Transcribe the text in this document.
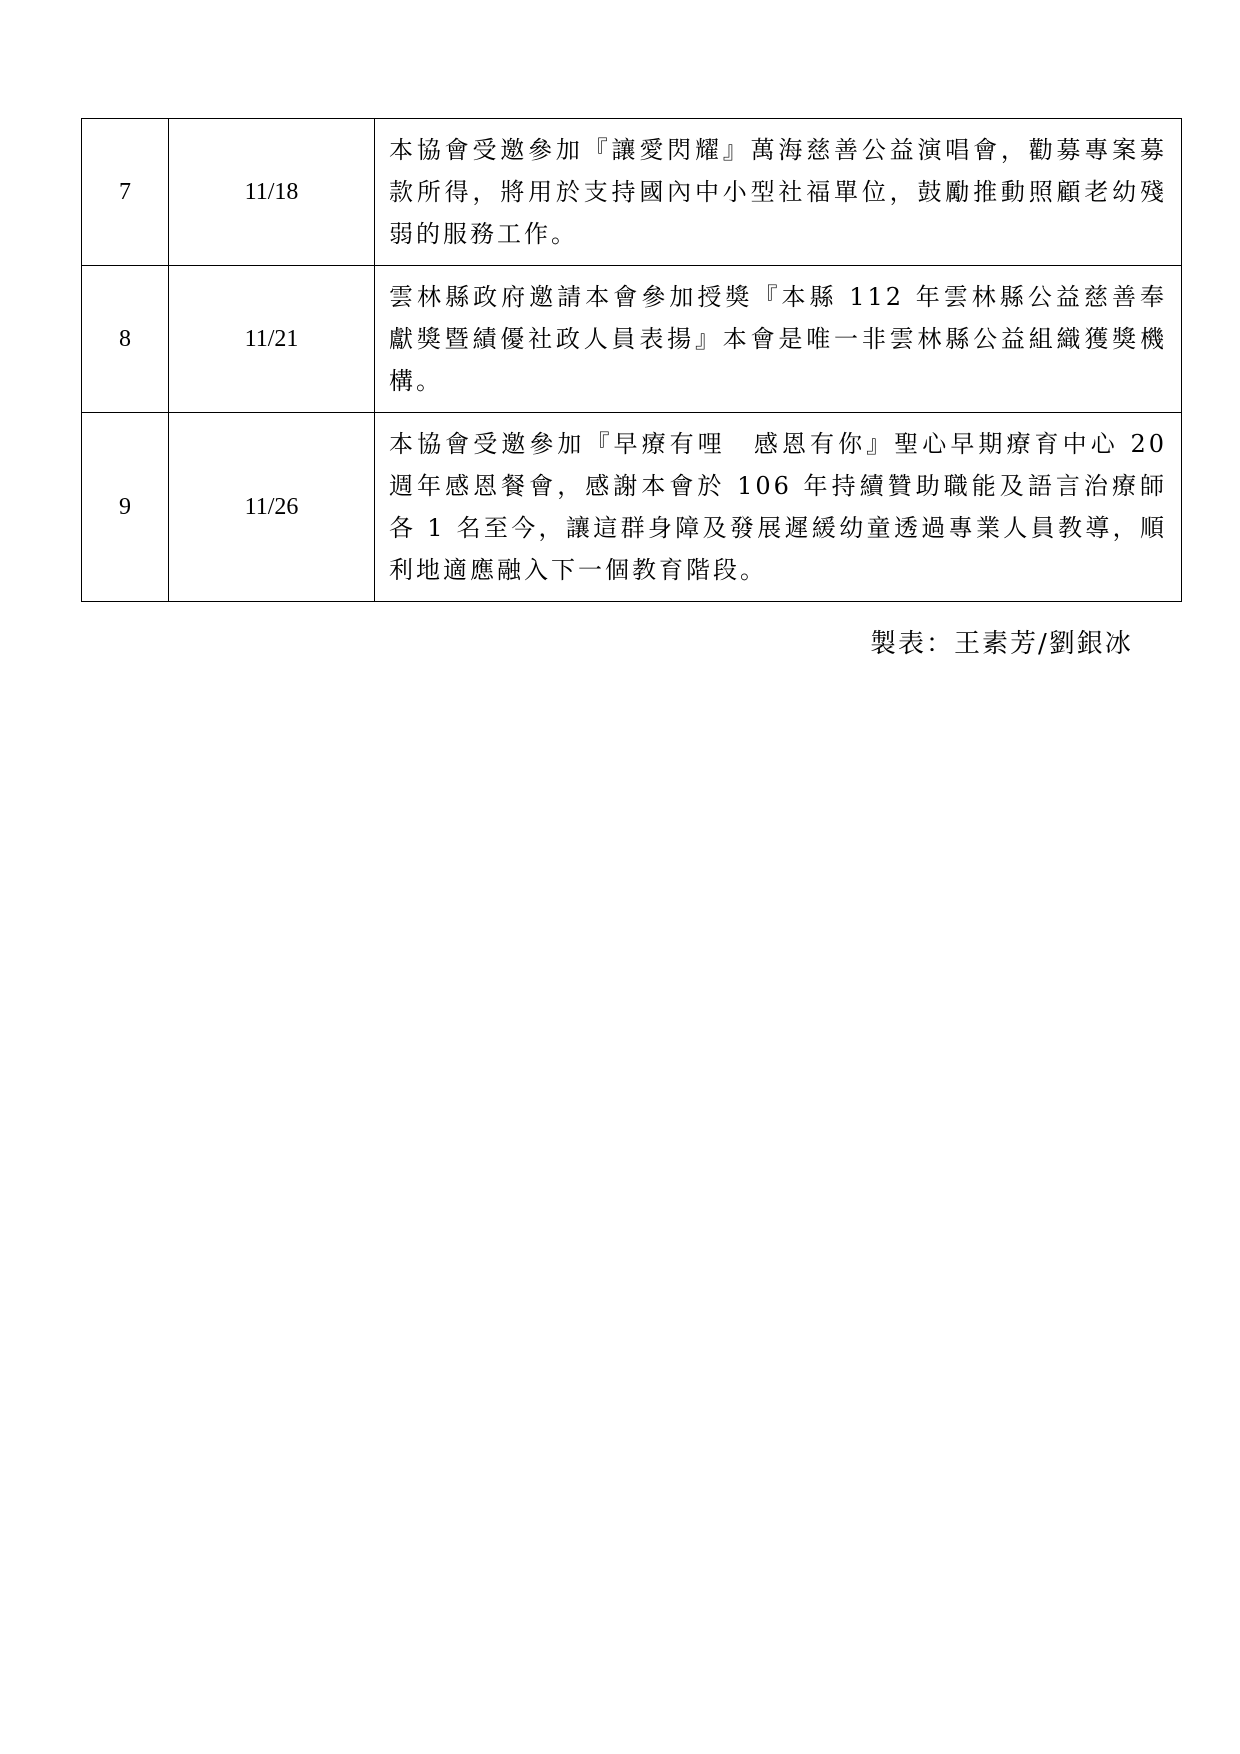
7	11/18	本協會受邀參加『讓愛閃耀』萬海慈善公益演唱會，勸募專案募款所得，將用於支持國內中小型社福單位，鼓勵推動照顧老幼殘弱的服務工作。
8	11/21	雲林縣政府邀請本會參加授獎『本縣 112 年雲林縣公益慈善奉獻獎暨績優社政人員表揚』本會是唯一非雲林縣公益組織獲獎機構。
9	11/26	本協會受邀參加『早療有哩　感恩有你』聖心早期療育中心 20 週年感恩餐會，感謝本會於 106 年持續贊助職能及語言治療師各 1 名至今，讓這群身障及發展遲緩幼童透過專業人員教導，順利地適應融入下一個教育階段。
製表：王素芳/劉銀冰
